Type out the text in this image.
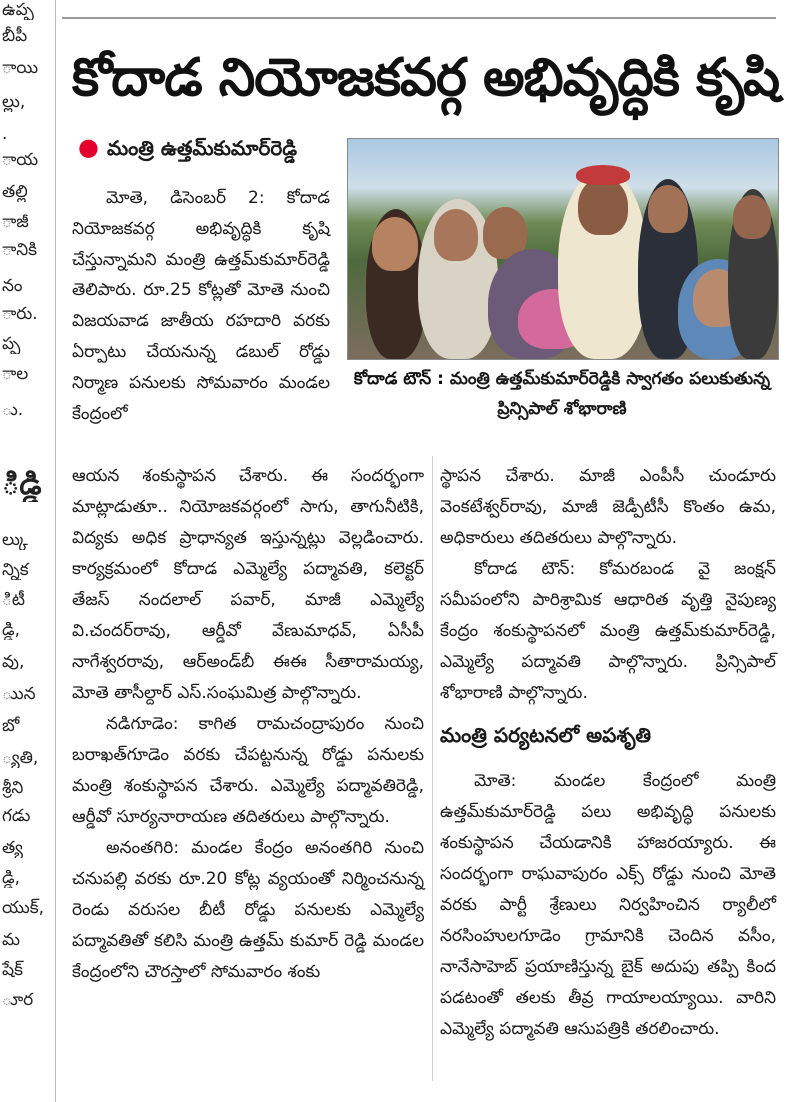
ఉప్ప
బీపీ
ాయి
ల్లు,
.
ాయ
తల్లి
ాజీ
ానికి
నం
ారు.
ప్ప
ాల
ు.
ిడ్డి
ల్కు
న్నిక
ిటీ
డ్డి,
వు,
ుున
బో
్యతి,
శ్రీని
గడు
త్య
డ్డి,
యుక్,
మ
షేక్
ూర
కోదాడ నియోజకవర్గ అభివృద్ధికి కృషి
● మంత్రి ఉత్తమ్‌కుమార్‌రెడ్డి
కోదాడ టౌన్‌ : మంత్రి ఉత్తమ్‌కుమార్‌రెడ్డికి స్వాగతం పలుకుతున్న ప్రిన్సిపాల్‌ శోభారాణి

మోతె, డిసెంబర్‌ 2: కోదాడ నియోజకవర్గ అభివృద్ధికి కృషి చేస్తున్నామని మంత్రి ఉత్తమ్‌కుమార్‌రెడ్డి తెలిపారు. రూ.25 కోట్లతో మోతె నుంచి విజయవాడ జాతీయ రహదారి వరకు ఏర్పాటు చేయనున్న డబుల్‌ రోడ్డు నిర్మాణ పనులకు సోమవారం మండల కేంద్రంలో

ఆయన శంకుస్థాపన చేశారు. ఈ సందర్భంగా మాట్లాడుతూ.. నియోజకవర్గంలో సాగు, తాగునీటికి, విద్యకు అధిక ప్రాధాన్యత ఇస్తున్నట్లు వెల్లడించారు. కార్యక్రమంలో కోదాడ ఎమ్మెల్యే పద్మావతి, కలెక్టర్‌ తేజస్‌ నందలాల్‌ పవార్‌, మాజీ ఎమ్మెల్యే వి.చందర్‌రావు, ఆర్డీవో వేణుమాధవ్‌, ఏసీపీ నాగేశ్వరరావు, ఆర్‌అండ్‌బీ ఈఈ సీతారామయ్య, మోతె తాసీల్దార్‌ ఎస్‌.సంఘమిత్ర పాల్గొన్నారు.

నడిగూడెం: కాగిత రామచంద్రాపురం నుంచి బరాఖత్‌గూడెం వరకు చేపట్టనున్న రోడ్డు పనులకు మంత్రి శంకుస్థాపన చేశారు. ఎమ్మెల్యే పద్మావతిరెడ్డి, ఆర్డీవో సూర్యనారాయణ తదితరులు పాల్గొన్నారు.

అనంతగిరి: మండల కేంద్రం అనంతగిరి నుంచి చనుపల్లి వరకు రూ.20 కోట్ల వ్యయంతో నిర్మించనున్న రెండు వరుసల బీటీ రోడ్డు పనులకు ఎమ్మెల్యే పద్మావతితో కలిసి మంత్రి ఉత్తమ్‌ కుమార్‌ రెడ్డి మండల కేంద్రంలోని చౌరస్తాలో సోమవారం శంకు

స్థాపన చేశారు. మాజీ ఎంపీసీ చుండూరు వెంకటేశ్వర్‌రావు, మాజీ జెడ్పీటీసీ కొంతం ఉమ, అధికారులు తదితరులు పాల్గొన్నారు.

కోదాడ టౌన్‌: కోమరబండ వై జంక్షన్‌ సమీపంలోని పారిశ్రామిక ఆధారిత వృత్తి నైపుణ్య కేంద్రం శంకుస్థాపనలో మంత్రి ఉత్తమ్‌కుమార్‌రెడ్డి, ఎమ్మెల్యే పద్మావతి పాల్గొన్నారు. ప్రిన్సిపాల్‌ శోభారాణి పాల్గొన్నారు.

మంత్రి పర్యటనలో అపశృతి

మోతె: మండల కేంద్రంలో మంత్రి ఉత్తమ్‌కుమార్‌రెడ్డి పలు అభివృద్ధి పనులకు శంకుస్థాపన చేయడానికి హాజరయ్యారు. ఈ సందర్భంగా రాఘవాపురం ఎక్స్‌ రోడ్డు నుంచి మోతె వరకు పార్టీ శ్రేణులు నిర్వహించిన ర్యాలీలో నరసింహులగూడెం గ్రామానికి చెందిన వసీం, నానేసాహెబ్‌ ప్రయాణిస్తున్న బైక్‌ అదుపు తప్పి కింద పడటంతో తలకు తీవ్ర గాయాలయ్యాయి. వారిని ఎమ్మెల్యే పద్మావతి ఆసుపత్రికి తరలించారు.
